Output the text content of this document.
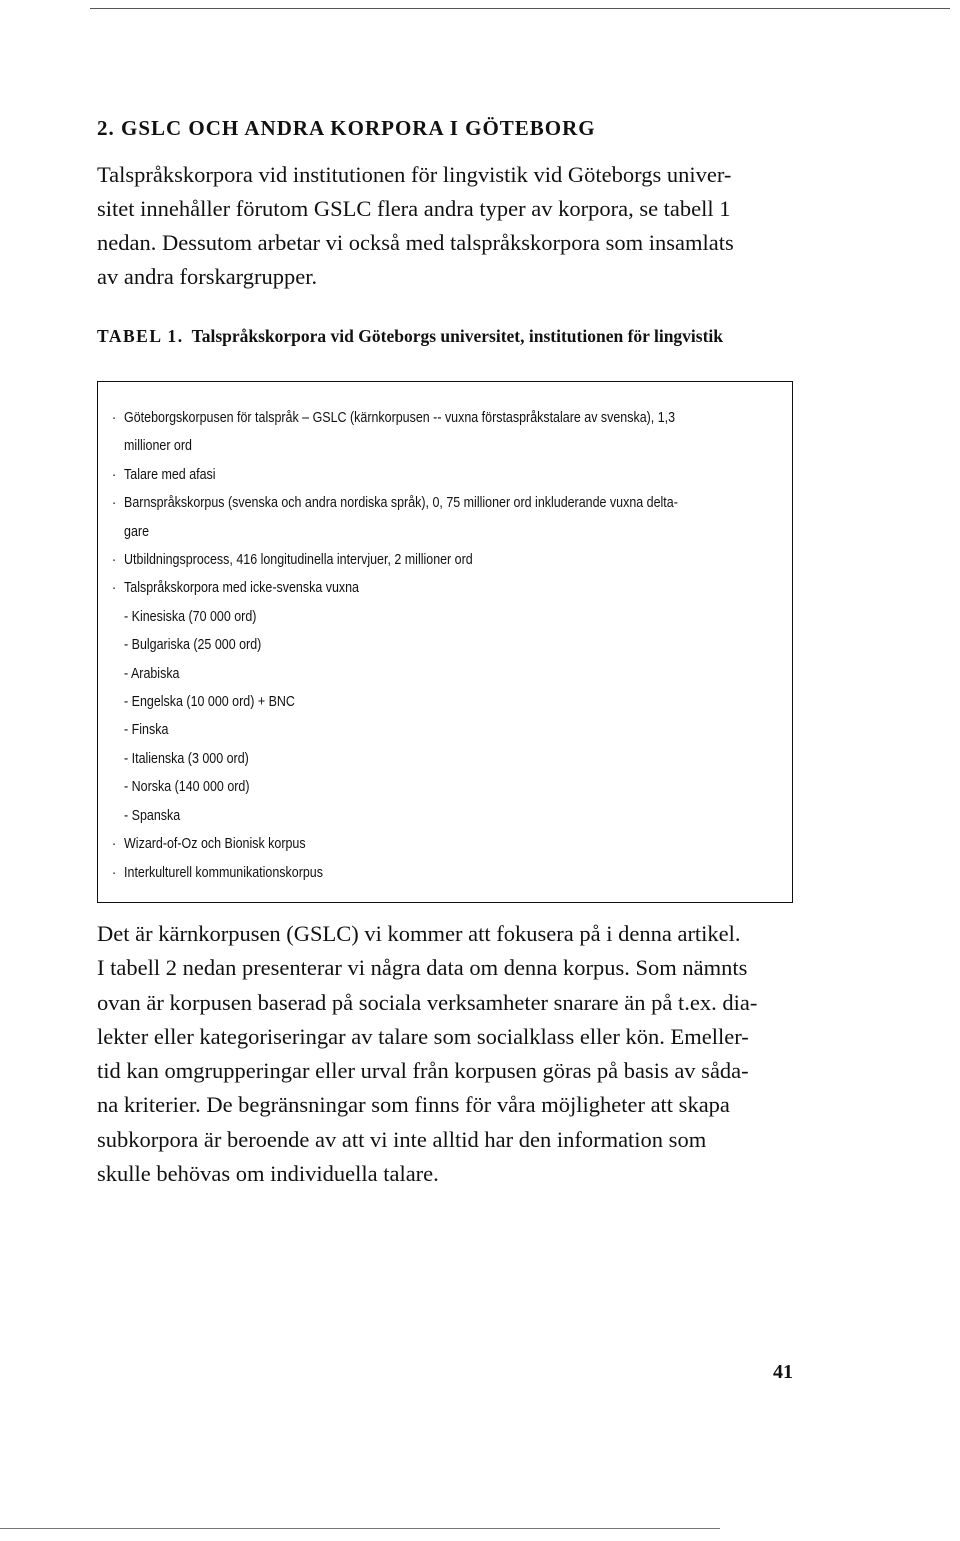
2. GSLC OCH ANDRA KORPORA I GÖTEBORG

Talspråkskorpora vid institutionen för lingvistik vid Göteborgs univer-
sitet innehåller förutom GSLC flera andra typer av korpora, se tabell 1
nedan. Dessutom arbetar vi också med talspråkskorpora som insamlats
av andra forskargrupper.

TABEL 1. Talspråkskorpora vid Göteborgs universitet, institutionen för lingvistik

· Göteborgskorpusen för talspråk – GSLC (kärnkorpusen -- vuxna förstaspråkstalare av svenska), 1,3
millioner ord
· Talare med afasi
· Barnspråkskorpus (svenska och andra nordiska språk), 0, 75 millioner ord inkluderande vuxna delta-
gare
· Utbildningsprocess, 416 longitudinella intervjuer, 2 millioner ord
· Talspråkskorpora med icke-svenska vuxna
- Kinesiska (70 000 ord)
- Bulgariska (25 000 ord)
- Arabiska
- Engelska (10 000 ord) + BNC
- Finska
- Italienska (3 000 ord)
- Norska (140 000 ord)
- Spanska
· Wizard-of-Oz och Bionisk korpus
· Interkulturell kommunikationskorpus

Det är kärnkorpusen (GSLC) vi kommer att fokusera på i denna artikel.
I tabell 2 nedan presenterar vi några data om denna korpus. Som nämnts
ovan är korpusen baserad på sociala verksamheter snarare än på t.ex. dia-
lekter eller kategoriseringar av talare som socialklass eller kön. Emeller-
tid kan omgrupperingar eller urval från korpusen göras på basis av såda-
na kriterier. De begränsningar som finns för våra möjligheter att skapa
subkorpora är beroende av att vi inte alltid har den information som
skulle behövas om individuella talare.

41
